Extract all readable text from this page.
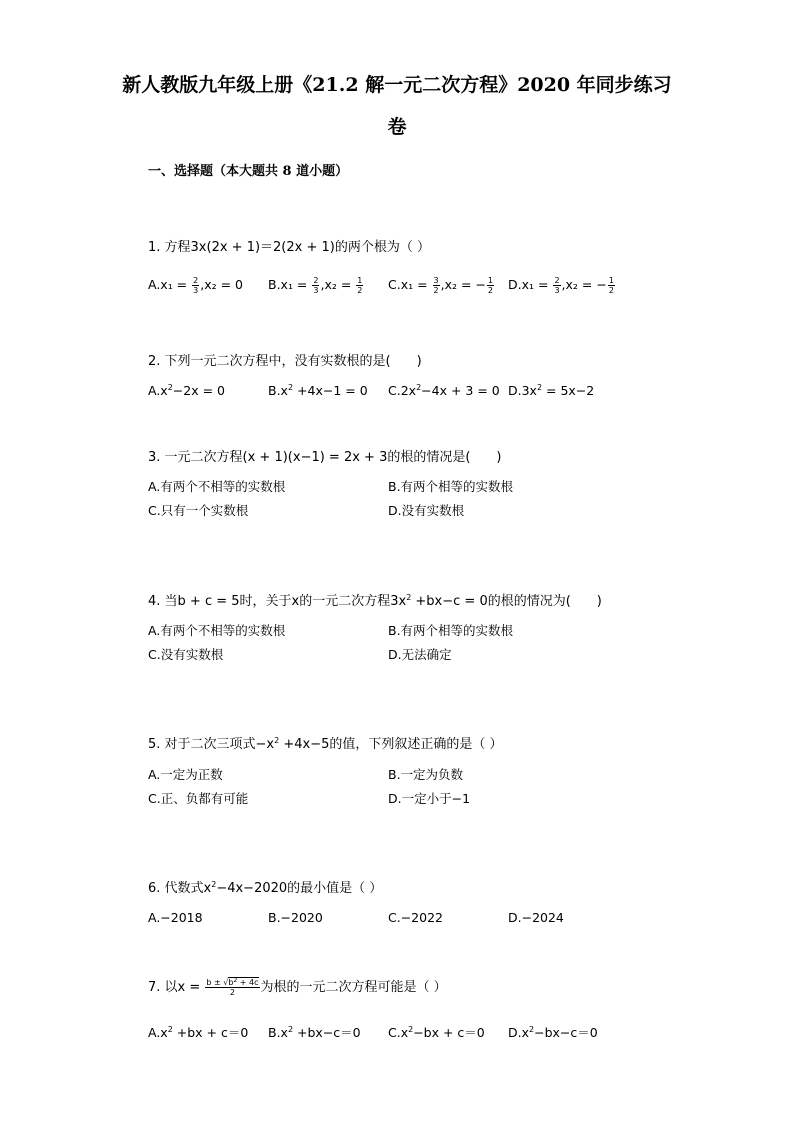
新人教版九年级上册《21.2 解一元二次方程》2020 年同步练习
卷
一、选择题（本大题共 8 道小题）
1. 方程3x(2x + 1)＝2(2x + 1)的两个根为（ ）
$A.x_1 = \frac{2}{3} ,x_2 = 0$ $B.x_1 = \frac{2}{3} ,x_2 = \frac{1}{2} C.x_1 = \frac{3}{2} ,x_2$ = − $\frac{1}{2} D.x_1 = \frac{2}{3} ,x_2$ = − $\frac{1}{2}$
2. 下列一元二次方程中，没有实数根的是(　　)
$A.x^2-2x = 0$	$B.x^2 +4x-1 = 0$ $C.2x^2-4x + 3 = 0$ $D.3x^2 = 5x-2$
3. 一元二次方程(x + 1)(x−1) = 2x + 3的根的情况是(　　)
A.有两个不相等的实数根	B.有两个相等的实数根
C.只有一个实数根	D.没有实数根
4. 当b + c = 5时，关于x的一元二次方程$3x^2 +bx-c = 0$的根的情况为(　　)
A.有两个不相等的实数根	B.有两个相等的实数根
C.没有实数根	D.无法确定
5. 对于二次三项式$-x^2 +4x-5$的值，下列叙述正确的是（ ）
A.一定为正数	B.一定为负数
C.正、负都有可能	D.一定小于−1
6. 代数式$x^2-4x-2020$的最小值是（ ）
A.−2018	B.−2020	C.−2022	D.−2024
7. 以$x = \frac{b \pm √b^2 + 4c}{2}$ 为根的一元二次方程可能是（ ）
$A.x^2 +bx + c=0$ $B.x^2 +bx-c=0$ $C.x^2-bx + c=0$ $D.x^2-bx-c=0$
